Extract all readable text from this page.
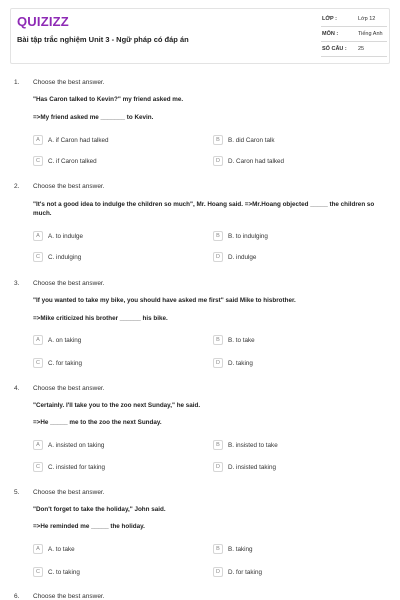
QUIZIZZ
Bài tập trắc nghiệm Unit 3 - Ngữ pháp có đáp án
LỚP :	Lớp 12
MÔN :	Tiếng Anh
SỐ CÂU : 25
1. Choose the best answer.
"Has Caron talked to Kevin?" my friend asked me.
=>My friend asked me _______ to Kevin.
A	A. if Caron had talked	B	B. did Caron talk
C	C. if Caron talked	D	D. Caron had talked
2. Choose the best answer.
"It's not a good idea to indulge the children so much", Mr. Hoang said. =>Mr.Hoang objected _____ the children so much.
A	A. to indulge	B	B. to indulging
C	C. indulging	D	D. indulge
3. Choose the best answer.
"If you wanted to take my bike, you should have asked me first" said Mike to hisbrother.
=>Mike criticized his brother ______ his bike.
A	A. on taking	B	B. to take
C	C. for taking	D	D. taking
4. Choose the best answer.
"Certainly. I'll take you to the zoo next Sunday," he said.
=>He _____ me to the zoo the next Sunday.
A	A. insisted on taking	B	B. insisted to take
C	C. insisted for taking	D	D. insisted taking
5. Choose the best answer.
"Don't forget to take the holiday," John said.
=>He reminded me _____ the holiday.
A	A. to take	B	B. taking
C	C. to taking	D	D. for taking
6. Choose the best answer.
